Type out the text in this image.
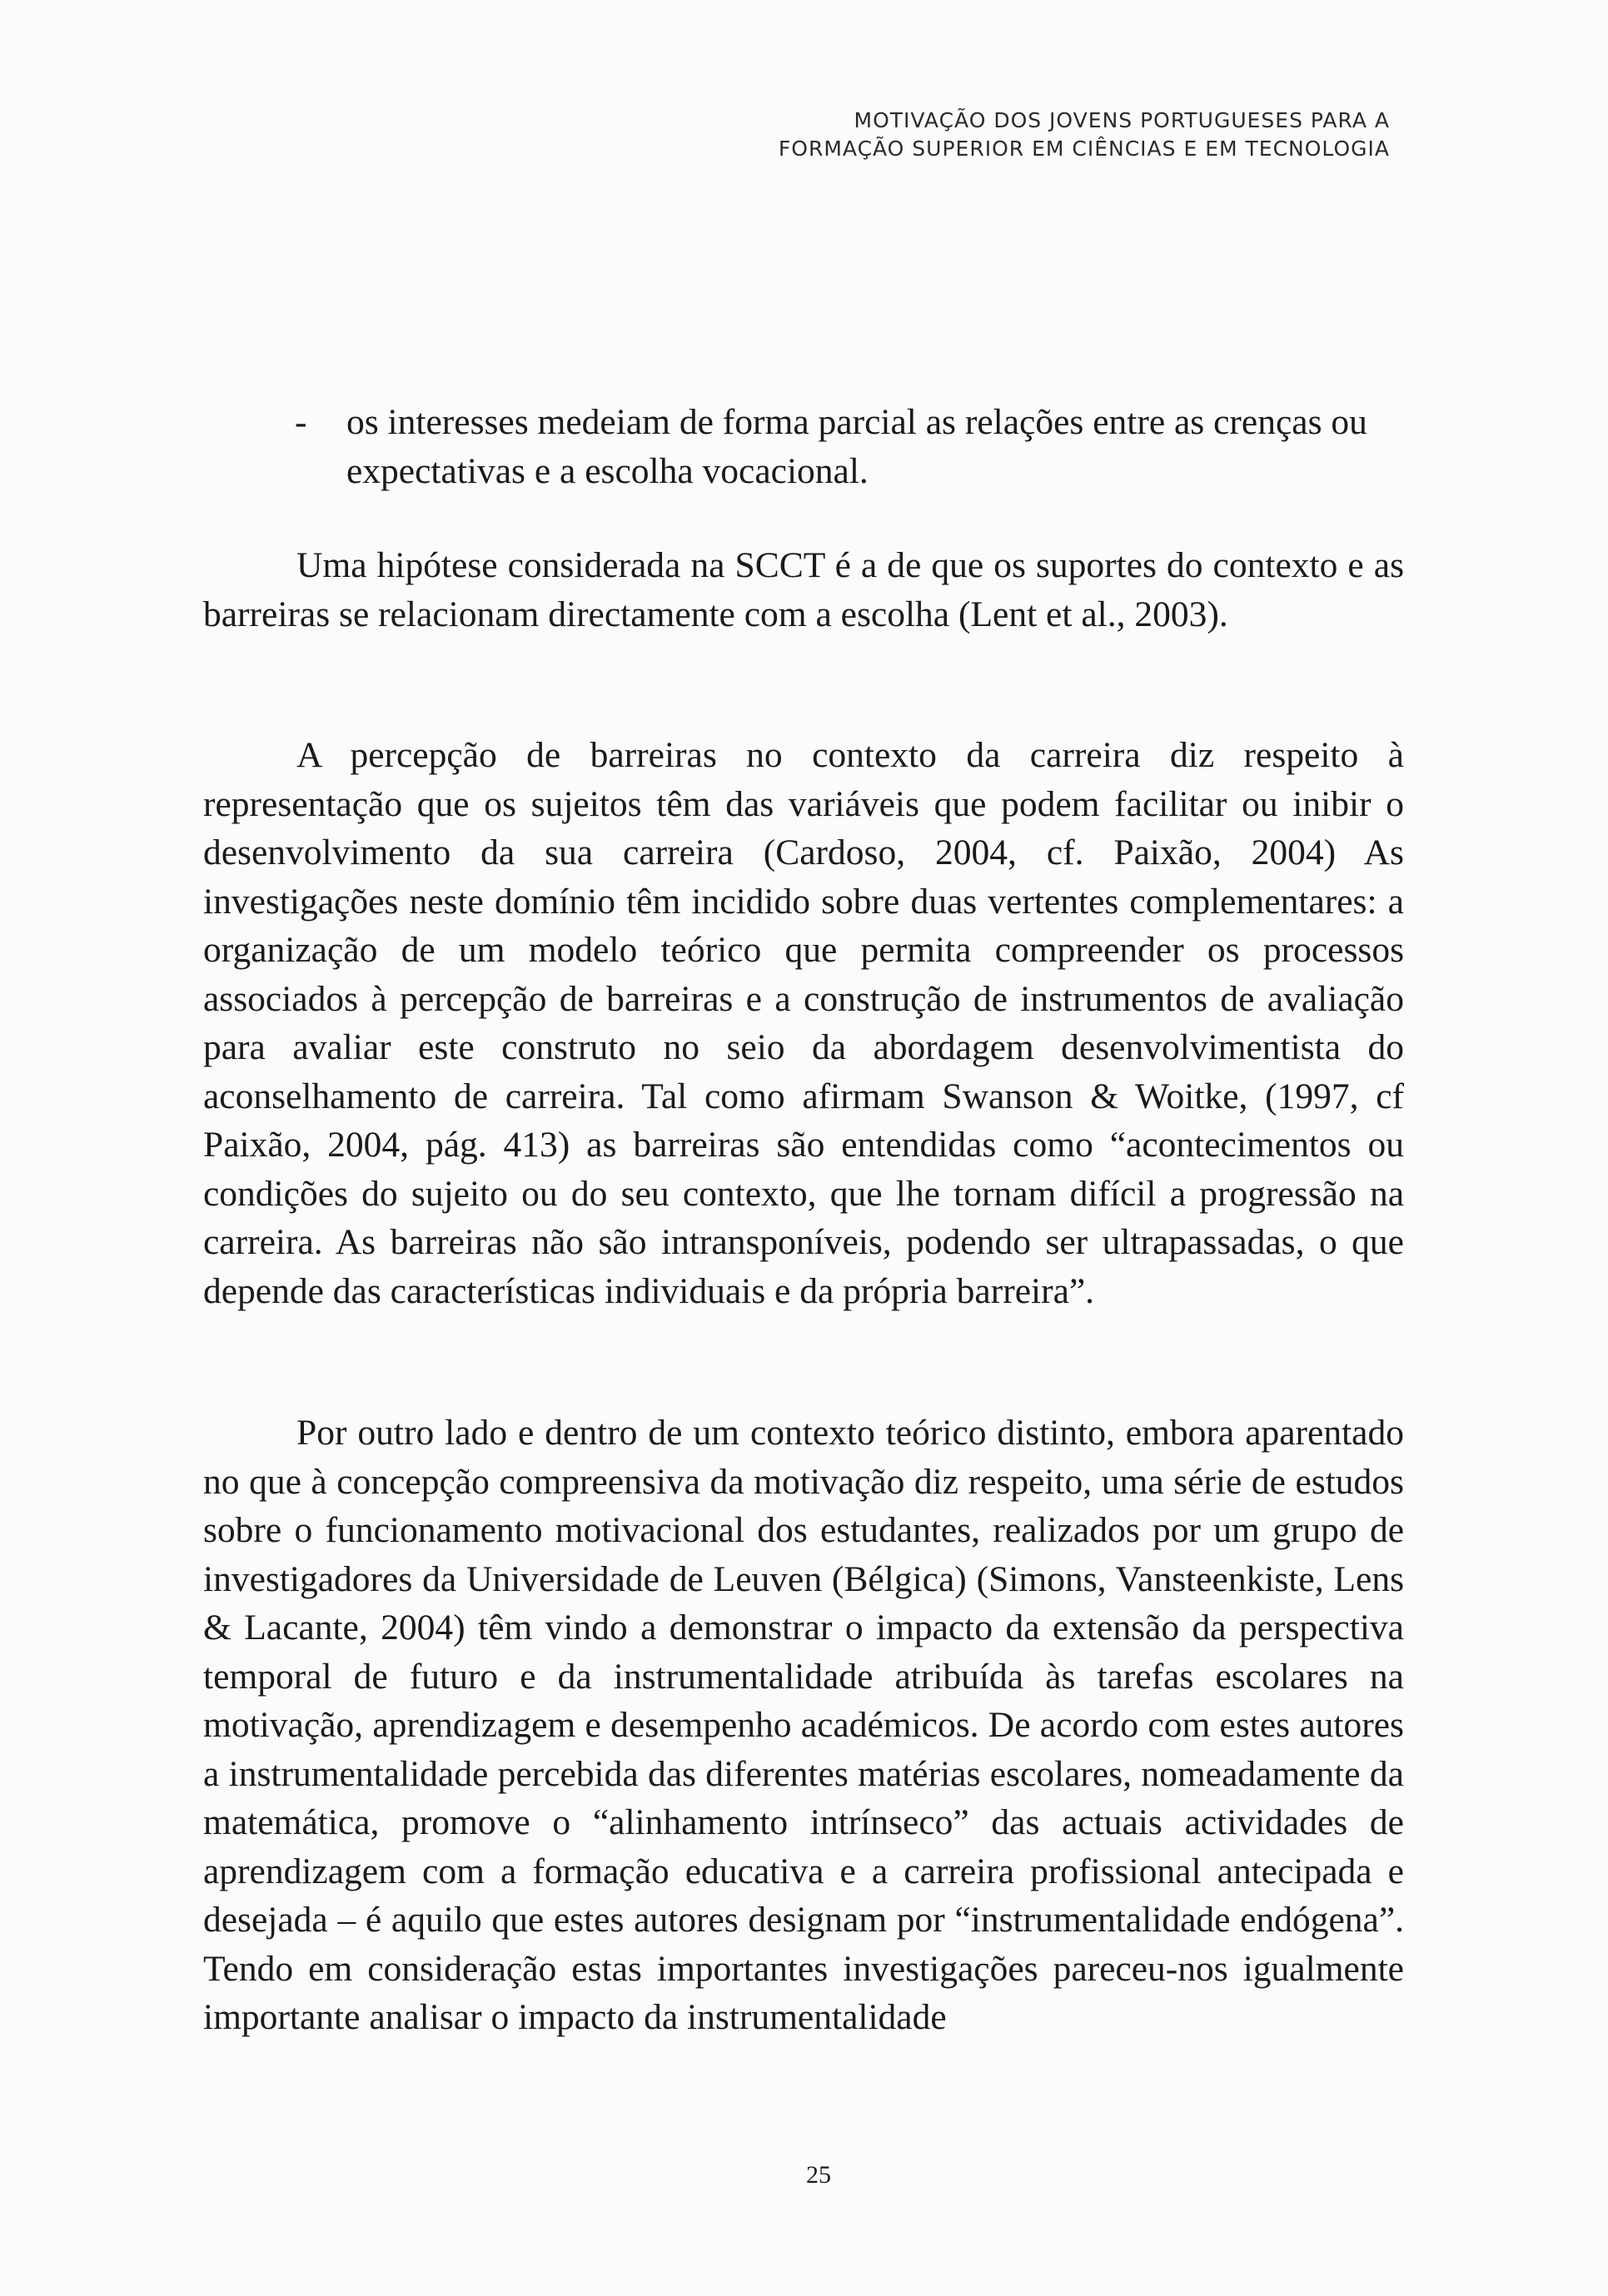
MOTIVAÇÃO DOS JOVENS PORTUGUESES PARA A
FORMAÇÃO SUPERIOR EM CIÊNCIAS E EM TECNOLOGIA
- os interesses medeiam de forma parcial as relações entre as crenças ou expectativas e a escolha vocacional.

Uma hipótese considerada na SCCT é a de que os suportes do contexto e as barreiras se relacionam directamente com a escolha (Lent et al., 2003).

A percepção de barreiras no contexto da carreira diz respeito à representação que os sujeitos têm das variáveis que podem facilitar ou inibir o desenvolvimento da sua carreira (Cardoso, 2004, cf. Paixão, 2004) As investigações neste domínio têm incidido sobre duas vertentes complementares: a organização de um modelo teórico que permita compreender os processos associados à percepção de barreiras e a construção de instrumentos de avaliação para avaliar este construto no seio da abordagem desenvolvimentista do aconselhamento de carreira. Tal como afirmam Swanson & Woitke, (1997, cf Paixão, 2004, pág. 413) as barreiras são entendidas como “acontecimentos ou condições do sujeito ou do seu contexto, que lhe tornam difícil a progressão na carreira. As barreiras não são intransponíveis, podendo ser ultrapassadas, o que depende das características individuais e da própria barreira”.

Por outro lado e dentro de um contexto teórico distinto, embora aparentado no que à concepção compreensiva da motivação diz respeito, uma série de estudos sobre o funcionamento motivacional dos estudantes, realizados por um grupo de investigadores da Universidade de Leuven (Bélgica) (Simons, Vansteenkiste, Lens & Lacante, 2004) têm vindo a demonstrar o impacto da extensão da perspectiva temporal de futuro e da instrumentalidade atribuída às tarefas escolares na motivação, aprendizagem e desempenho académicos. De acordo com estes autores a instrumentalidade percebida das diferentes matérias escolares, nomeadamente da matemática, promove o “alinhamento intrínseco” das actuais actividades de aprendizagem com a formação educativa e a carreira profissional antecipada e desejada – é aquilo que estes autores designam por “instrumentalidade endógena”. Tendo em consideração estas importantes investigações pareceu-nos igualmente importante analisar o impacto da instrumentalidade

25
